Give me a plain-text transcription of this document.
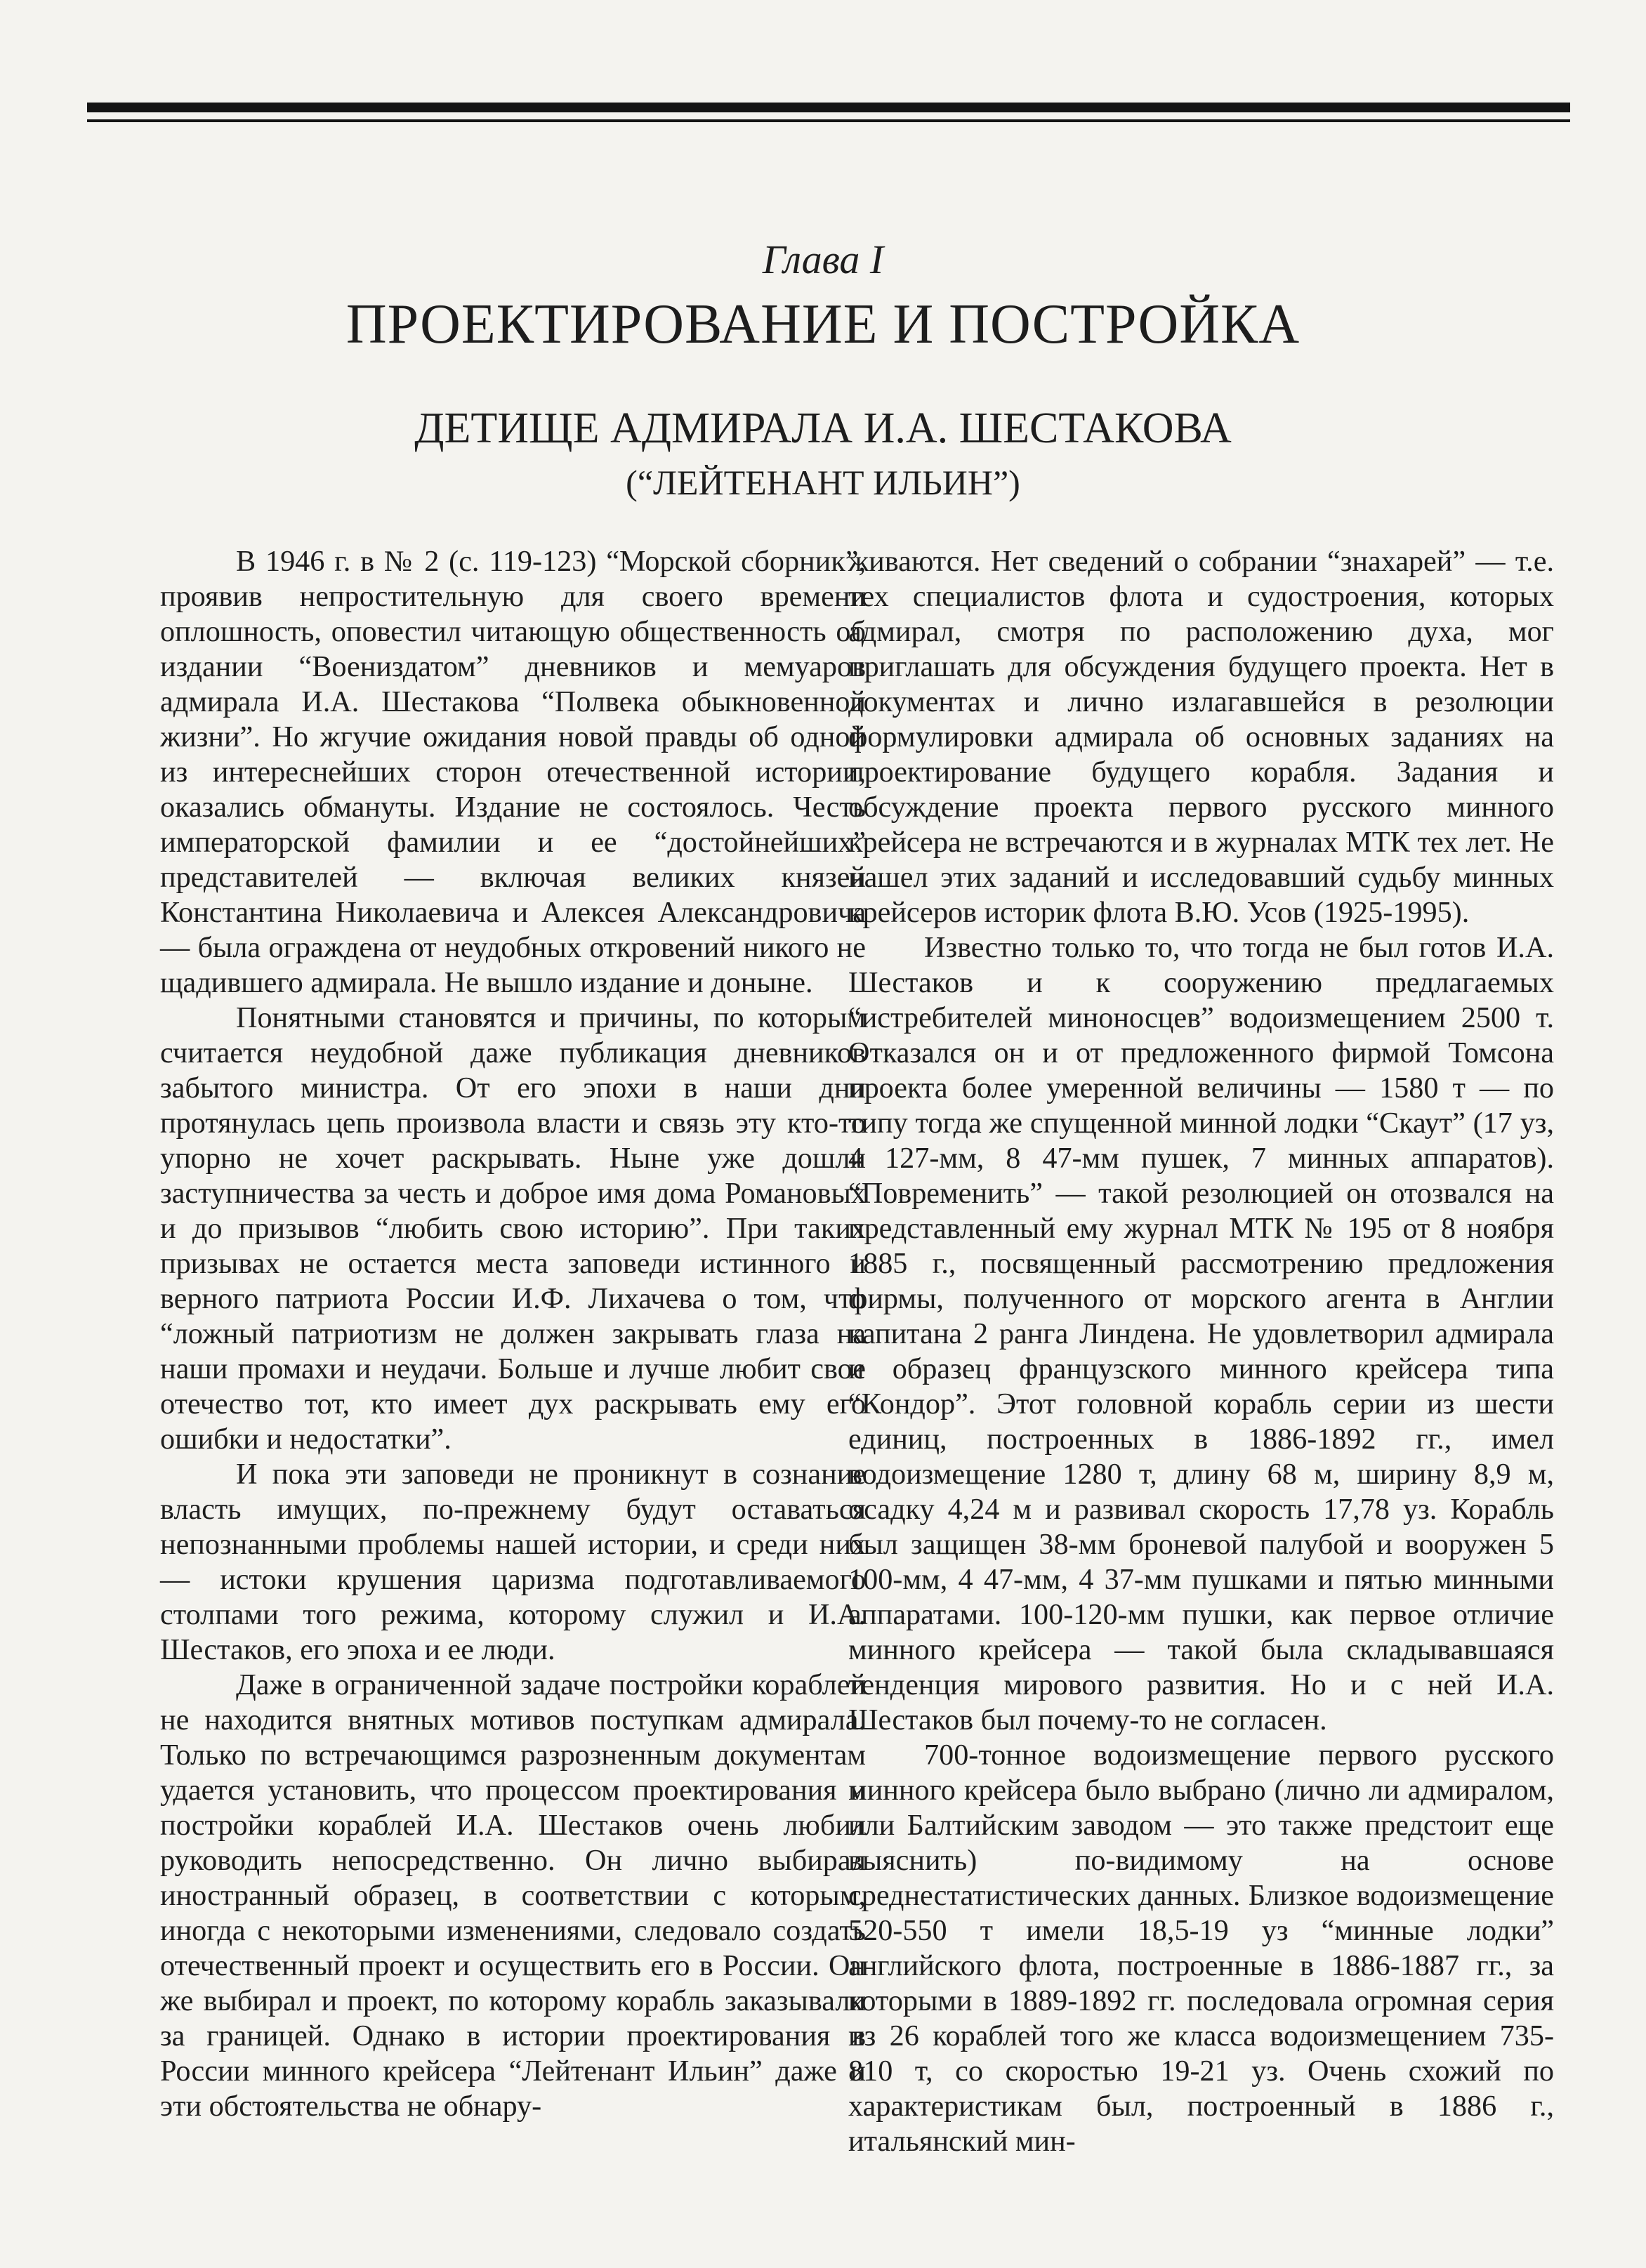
Глава I
ПРОЕКТИРОВАНИЕ И ПОСТРОЙКА
ДЕТИЩЕ АДМИРАЛА И.А. ШЕСТАКОВА
(“ЛЕЙТЕНАНТ ИЛЬИН”)

В 1946 г. в № 2 (с. 119-123) “Морской сборник”, проявив непростительную для своего времени оплошность, оповестил читающую общественность об издании “Воениздатом” дневников и мемуаров адмирала И.А. Шестакова “Полвека обыкновенной жизни”. Но жгучие ожидания новой правды об одной из интереснейших сторон отечественной истории, оказались обмануты. Издание не состоялось. Честь императорской фамилии и ее “достойнейших” представителей — включая великих князей Константина Николаевича и Алексея Александровича — была ограждена от неудобных откровений никого не щадившего адмирала. Не вышло издание и доныне.

Понятными становятся и причины, по которым считается неудобной даже публикация дневников забытого министра. От его эпохи в наши дни протянулась цепь произвола власти и связь эту кто-то упорно не хочет раскрывать. Ныне уже дошли заступничества за честь и доброе имя дома Романовых и до призывов “любить свою историю”. При таких призывах не остается места заповеди истинного и верного патриота России И.Ф. Лихачева о том, что “ложный патриотизм не должен закрывать глаза на наши промахи и неудачи. Больше и лучше любит свое отечество тот, кто имеет дух раскрывать ему его ошибки и недостатки”.

И пока эти заповеди не проникнут в сознание власть имущих, по-прежнему будут оставаться непознанными проблемы нашей истории, и среди них — истоки крушения царизма подготавливаемого столпами того режима, которому служил и И.А. Шестаков, его эпоха и ее люди.

Даже в ограниченной задаче постройки кораблей не находится внятных мотивов поступкам адмирала. Только по встречающимся разрозненным документам удается установить, что процессом проектирования и постройки кораблей И.А. Шестаков очень любил руководить непосредственно. Он лично выбирал иностранный образец, в соответствии с которым, иногда с некоторыми изменениями, следовало создать отечественный проект и осуществить его в России. Он же выбирал и проект, по которому корабль заказывали за границей. Однако в истории проектирования в России минного крейсера “Лейтенант Ильин” даже и эти обстоятельства не обнару-

живаются. Нет сведений о собрании “знахарей” — т.е. тех специалистов флота и судостроения, которых адмирал, смотря по расположению духа, мог приглашать для обсуждения будущего проекта. Нет в документах и лично излагавшейся в резолюции формулировки адмирала об основных заданиях на проектирование будущего корабля. Задания и обсуждение проекта первого русского минного крейсера не встречаются и в журналах МТК тех лет. Не нашел этих заданий и исследовавший судьбу минных крейсеров историк флота В.Ю. Усов (1925-1995).

Известно только то, что тогда не был готов И.А. Шестаков и к сооружению предлагаемых “истребителей миноносцев” водоизмещением 2500 т. Отказался он и от предложенного фирмой Томсона проекта более умеренной величины — 1580 т — по типу тогда же спущенной минной лодки “Скаут” (17 уз, 4 127-мм, 8 47-мм пушек, 7 минных аппаратов). “Повременить” — такой резолюцией он отозвался на представленный ему журнал МТК № 195 от 8 ноября 1885 г., посвященный рассмотрению предложения фирмы, полученного от морского агента в Англии капитана 2 ранга Линдена. Не удовлетворил адмирала и образец французского минного крейсера типа “Кондор”. Этот головной корабль серии из шести единиц, построенных в 1886-1892 гг., имел водоизмещение 1280 т, длину 68 м, ширину 8,9 м, осадку 4,24 м и развивал скорость 17,78 уз. Корабль был защищен 38-мм броневой палубой и вооружен 5 100-мм, 4 47-мм, 4 37-мм пушками и пятью минными аппаратами. 100-120-мм пушки, как первое отличие минного крейсера — такой была складывавшаяся тенденция мирового развития. Но и с ней И.А. Шестаков был почему-то не согласен.

700-тонное водоизмещение первого русского минного крейсера было выбрано (лично ли адмиралом, или Балтийским заводом — это также предстоит еще выяснить) по-видимому на основе среднестатистических данных. Близкое водоизмещение 520-550 т имели 18,5-19 уз “минные лодки” английского флота, построенные в 1886-1887 гг., за которыми в 1889-1892 гг. последовала огромная серия из 26 кораблей того же класса водоизмещением 735-810 т, со скоростью 19-21 уз. Очень схожий по характеристикам был, построенный в 1886 г., итальянский мин-
